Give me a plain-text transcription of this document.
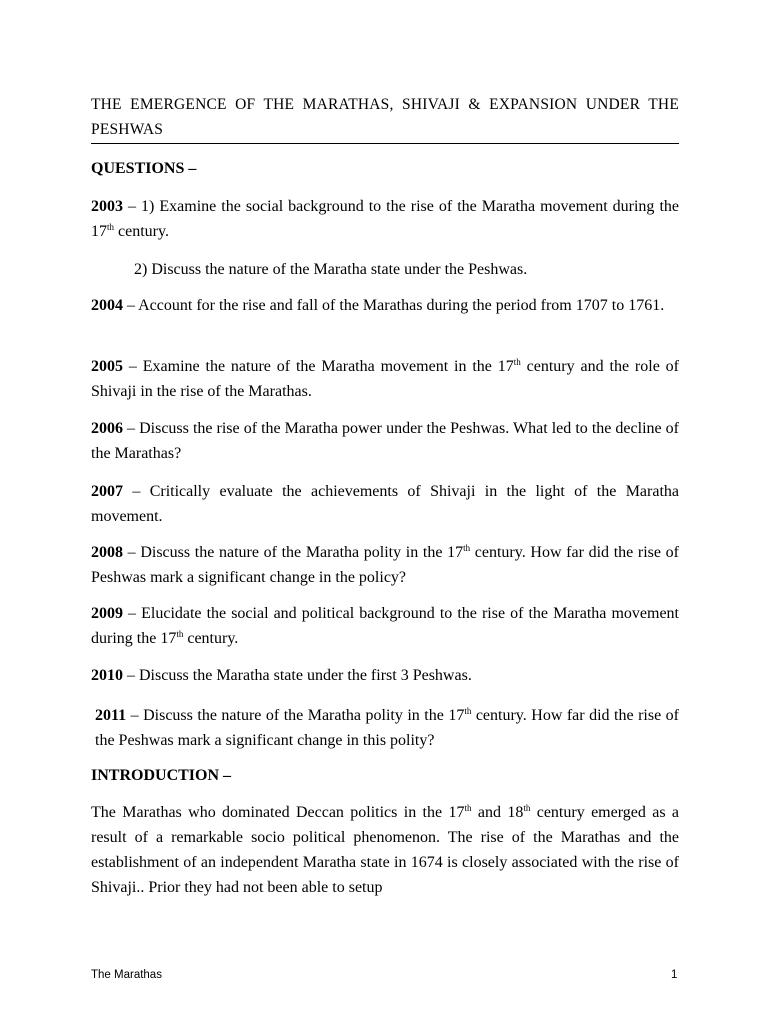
THE EMERGENCE OF THE MARATHAS, SHIVAJI & EXPANSION UNDER THE PESHWAS
QUESTIONS –
2003 – 1) Examine the social background to the rise of the Maratha movement during the 17th century.
2) Discuss the nature of the Maratha state under the Peshwas.
2004 – Account for the rise and fall of the Marathas during the period from 1707 to 1761.
2005 – Examine the nature of the Maratha movement in the 17th century and the role of Shivaji in the rise of the Marathas.
2006 – Discuss the rise of the Maratha power under the Peshwas. What led to the decline of the Marathas?
2007 – Critically evaluate the achievements of Shivaji in the light of the Maratha movement.
2008 – Discuss the nature of the Maratha polity in the 17th century. How far did the rise of Peshwas mark a significant change in the policy?
2009 – Elucidate the social and political background to the rise of the Maratha movement during the 17th century.
2010 – Discuss the Maratha state under the first 3 Peshwas.
2011 – Discuss the nature of the Maratha polity in the 17th century. How far did the rise of the Peshwas mark a significant change in this polity?
INTRODUCTION –
The Marathas who dominated Deccan politics in the 17th and 18th century emerged as a result of a remarkable socio political phenomenon. The rise of the Marathas and the establishment of an independent Maratha state in 1674 is closely associated with the rise of Shivaji.. Prior they had not been able to setup
The Marathas	1
